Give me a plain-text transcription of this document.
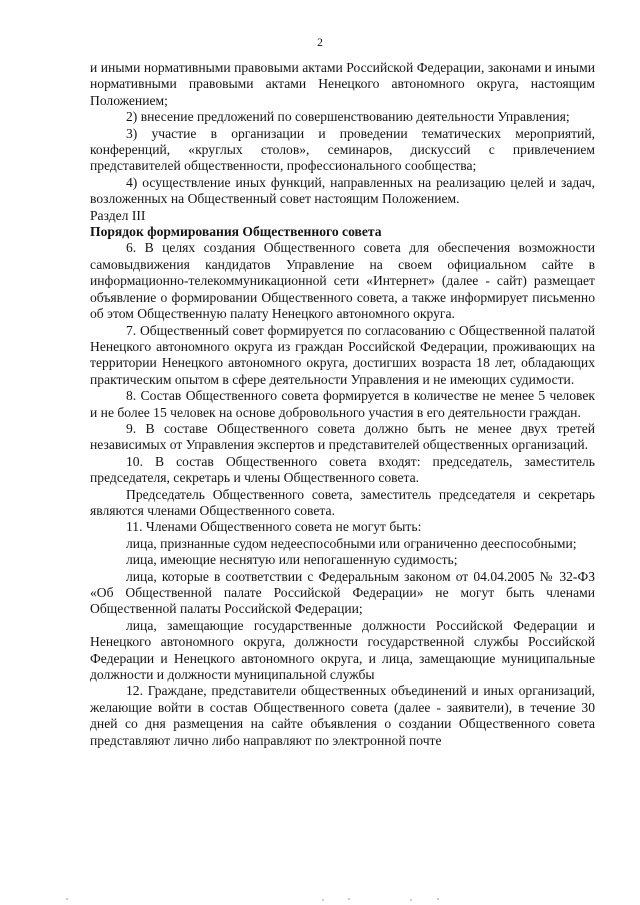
2

и иными нормативными правовыми актами Российской Федерации, законами и иными нормативными правовыми актами Ненецкого автономного округа, настоящим Положением;

2) внесение предложений по совершенствованию деятельности Управления;

3) участие в организации и проведении тематических мероприятий, конференций, «круглых столов», семинаров, дискуссий с привлечением представителей общественности, профессионального сообщества;

4) осуществление иных функций, направленных на реализацию целей и задач, возложенных на Общественный совет настоящим Положением.

Раздел III

Порядок формирования Общественного совета

6. В целях создания Общественного совета для обеспечения возможности самовыдвижения кандидатов Управление на своем официальном сайте в информационно-телекоммуникационной сети «Интернет» (далее - сайт) размещает объявление о формировании Общественного совета, а также информирует письменно об этом Общественную палату Ненецкого автономного округа.

7. Общественный совет формируется по согласованию с Общественной палатой Ненецкого автономного округа из граждан Российской Федерации, проживающих на территории Ненецкого автономного округа, достигших возраста 18 лет, обладающих практическим опытом в сфере деятельности Управления и не имеющих судимости.

8. Состав Общественного совета формируется в количестве не менее 5 человек и не более 15 человек на основе добровольного участия в его деятельности граждан.

9. В составе Общественного совета должно быть не менее двух третей независимых от Управления экспертов и представителей общественных организаций.

10. В состав Общественного совета входят: председатель, заместитель председателя, секретарь и члены Общественного совета.

Председатель Общественного совета, заместитель председателя и секретарь являются членами Общественного совета.

11. Членами Общественного совета не могут быть:

лица, признанные судом недееспособными или ограниченно дееспособными;

лица, имеющие неснятую или непогашенную судимость;

лица, которые в соответствии с Федеральным законом от 04.04.2005 № 32-ФЗ «Об Общественной палате Российской Федерации» не могут быть членами Общественной палаты Российской Федерации;

лица, замещающие государственные должности Российской Федерации и Ненецкого автономного округа, должности государственной службы Российской Федерации и Ненецкого автономного округа, и лица, замещающие муниципальные должности и должности муниципальной службы

12. Граждане, представители общественных объединений и иных организаций, желающие войти в состав Общественного совета (далее - заявители), в течение 30 дней со дня размещения на сайте объявления о создании Общественного совета представляют лично либо направляют по электронной почте
